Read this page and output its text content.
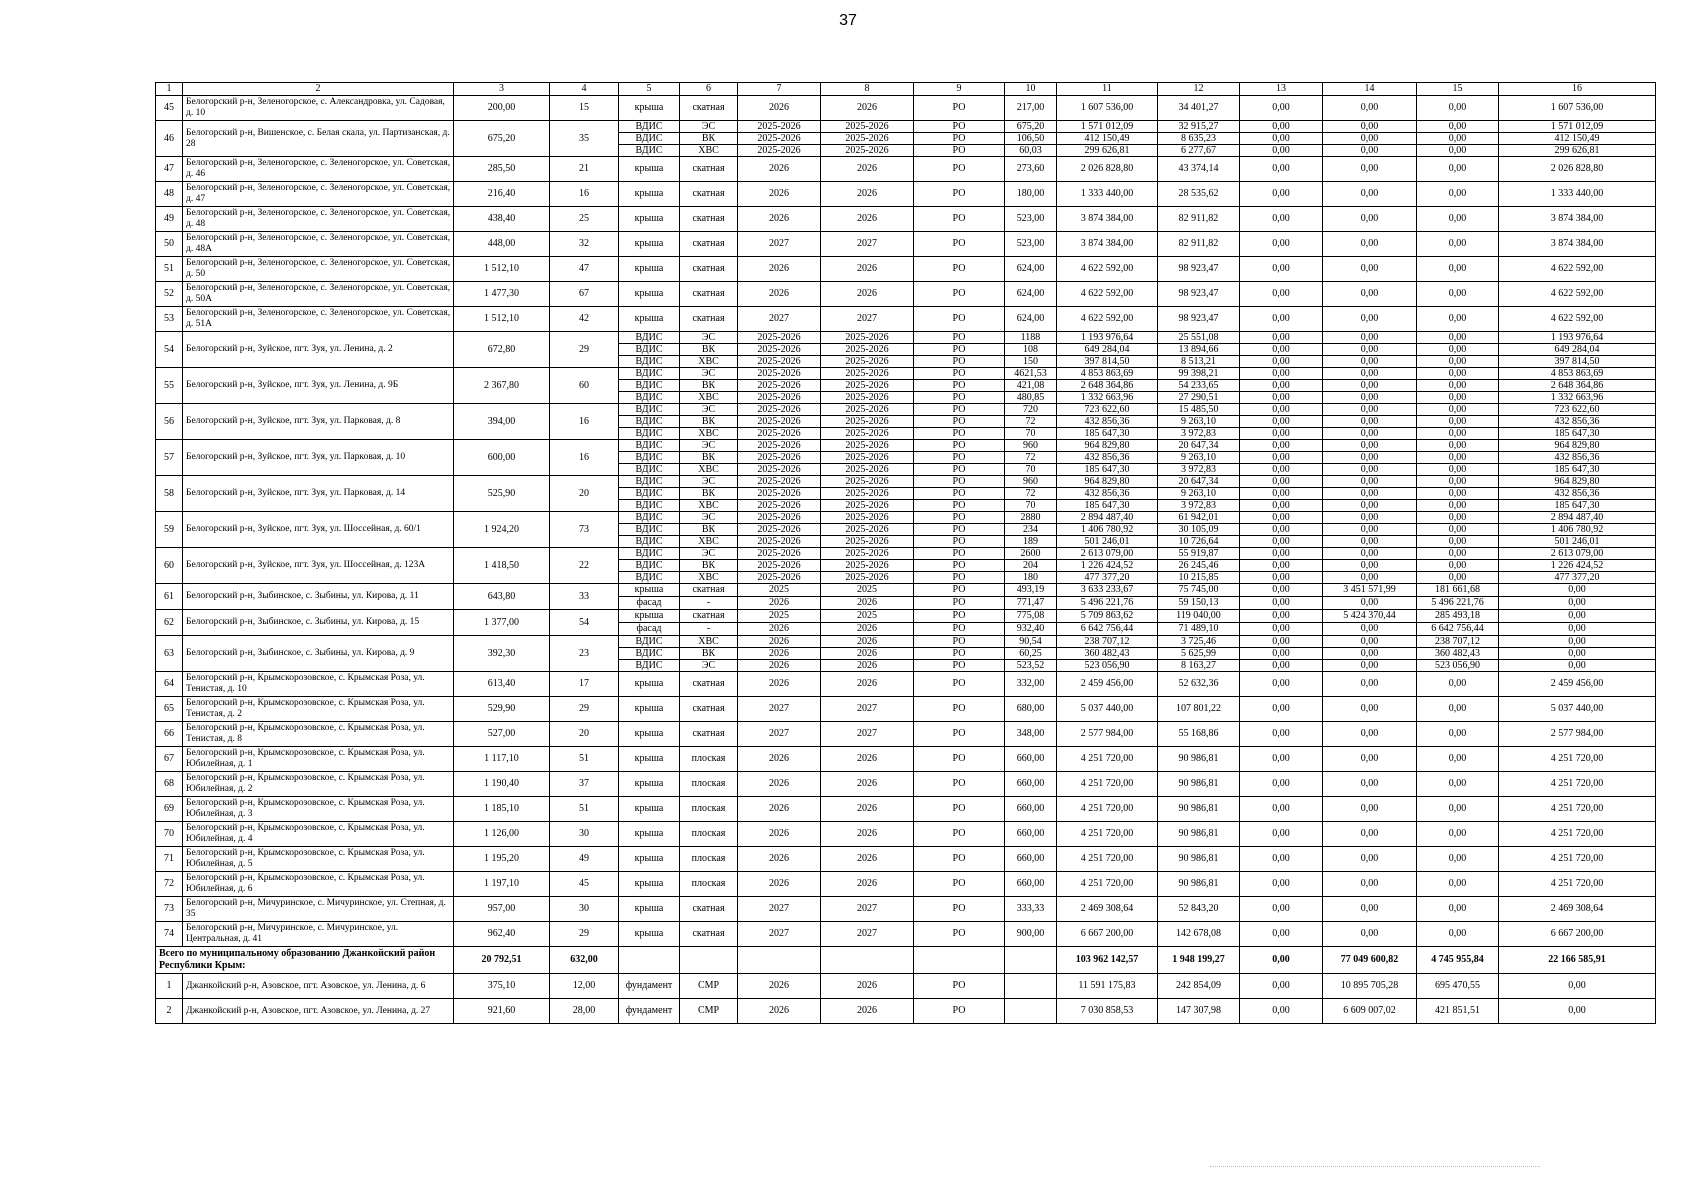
37
1	2	3	4	5	6	7	8	9	10	11	12	13	14	15	16
45	Белогорский р-н, Зеленогорское, с. Александровка, ул. Садовая, д. 10	200,00	15	крыша	скатная	2026	2026	РО	217,00	1 607 536,00	34 401,27	0,00	0,00	0,00	1 607 536,00
46	Белогорский р-н, Вишенское, с. Белая скала, ул. Партизанская, д. 28	675,20	35	ВДИС	ЭС	2025-2026	2025-2026	РО	675,20	1 571 012,09	32 915,27	0,00	0,00	0,00	1 571 012,09
				ВДИС	ВК	2025-2026	2025-2026	РО	106,50	412 150,49	8 635,23	0,00	0,00	0,00	412 150,49
				ВДИС	ХВС	2025-2026	2025-2026	РО	60,03	299 626,81	6 277,67	0,00	0,00	0,00	299 626,81
47	Белогорский р-н, Зеленогорское, с. Зеленогорское, ул. Советская, д. 46	285,50	21	крыша	скатная	2026	2026	РО	273,60	2 026 828,80	43 374,14	0,00	0,00	0,00	2 026 828,80
48	Белогорский р-н, Зеленогорское, с. Зеленогорское, ул. Советская, д. 47	216,40	16	крыша	скатная	2026	2026	РО	180,00	1 333 440,00	28 535,62	0,00	0,00	0,00	1 333 440,00
49	Белогорский р-н, Зеленогорское, с. Зеленогорское, ул. Советская, д. 48	438,40	25	крыша	скатная	2026	2026	РО	523,00	3 874 384,00	82 911,82	0,00	0,00	0,00	3 874 384,00
50	Белогорский р-н, Зеленогорское, с. Зеленогорское, ул. Советская, д. 48А	448,00	32	крыша	скатная	2027	2027	РО	523,00	3 874 384,00	82 911,82	0,00	0,00	0,00	3 874 384,00
51	Белогорский р-н, Зеленогорское, с. Зеленогорское, ул. Советская, д. 50	1 512,10	47	крыша	скатная	2026	2026	РО	624,00	4 622 592,00	98 923,47	0,00	0,00	0,00	4 622 592,00
52	Белогорский р-н, Зеленогорское, с. Зеленогорское, ул. Советская, д. 50А	1 477,30	67	крыша	скатная	2026	2026	РО	624,00	4 622 592,00	98 923,47	0,00	0,00	0,00	4 622 592,00
53	Белогорский р-н, Зеленогорское, с. Зеленогорское, ул. Советская, д. 51А	1 512,10	42	крыша	скатная	2027	2027	РО	624,00	4 622 592,00	98 923,47	0,00	0,00	0,00	4 622 592,00
54	Белогорский р-н, Зуйское, пгт. Зуя, ул. Ленина, д. 2	672,80	29	ВДИС	ЭС	2025-2026	2025-2026	РО	1188	1 193 976,64	25 551,08	0,00	0,00	0,00	1 193 976,64
				ВДИС	ВК	2025-2026	2025-2026	РО	108	649 284,04	13 894,66	0,00	0,00	0,00	649 284,04
				ВДИС	ХВС	2025-2026	2025-2026	РО	150	397 814,50	8 513,21	0,00	0,00	0,00	397 814,50
55	Белогорский р-н, Зуйское, пгт. Зуя, ул. Ленина, д. 9Б	2 367,80	60	ВДИС	ЭС	2025-2026	2025-2026	РО	4621,53	4 853 863,69	99 398,21	0,00	0,00	0,00	4 853 863,69
				ВДИС	ВК	2025-2026	2025-2026	РО	421,08	2 648 364,86	54 233,65	0,00	0,00	0,00	2 648 364,86
				ВДИС	ХВС	2025-2026	2025-2026	РО	480,85	1 332 663,96	27 290,51	0,00	0,00	0,00	1 332 663,96
56	Белогорский р-н, Зуйское, пгт. Зуя, ул. Парковая, д. 8	394,00	16	ВДИС	ЭС	2025-2026	2025-2026	РО	720	723 622,60	15 485,50	0,00	0,00	0,00	723 622,60
				ВДИС	ВК	2025-2026	2025-2026	РО	72	432 856,36	9 263,10	0,00	0,00	0,00	432 856,36
				ВДИС	ХВС	2025-2026	2025-2026	РО	70	185 647,30	3 972,83	0,00	0,00	0,00	185 647,30
57	Белогорский р-н, Зуйское, пгт. Зуя, ул. Парковая, д. 10	600,00	16	ВДИС	ЭС	2025-2026	2025-2026	РО	960	964 829,80	20 647,34	0,00	0,00	0,00	964 829,80
				ВДИС	ВК	2025-2026	2025-2026	РО	72	432 856,36	9 263,10	0,00	0,00	0,00	432 856,36
				ВДИС	ХВС	2025-2026	2025-2026	РО	70	185 647,30	3 972,83	0,00	0,00	0,00	185 647,30
58	Белогорский р-н, Зуйское, пгт. Зуя, ул. Парковая, д. 14	525,90	20	ВДИС	ЭС	2025-2026	2025-2026	РО	960	964 829,80	20 647,34	0,00	0,00	0,00	964 829,80
				ВДИС	ВК	2025-2026	2025-2026	РО	72	432 856,36	9 263,10	0,00	0,00	0,00	432 856,36
				ВДИС	ХВС	2025-2026	2025-2026	РО	70	185 647,30	3 972,83	0,00	0,00	0,00	185 647,30
59	Белогорский р-н, Зуйское, пгт. Зуя, ул. Шоссейная, д. 60/1	1 924,20	73	ВДИС	ЭС	2025-2026	2025-2026	РО	2880	2 894 487,40	61 942,01	0,00	0,00	0,00	2 894 487,40
				ВДИС	ВК	2025-2026	2025-2026	РО	234	1 406 780,92	30 105,09	0,00	0,00	0,00	1 406 780,92
				ВДИС	ХВС	2025-2026	2025-2026	РО	189	501 246,01	10 726,64	0,00	0,00	0,00	501 246,01
60	Белогорский р-н, Зуйское, пгт. Зуя, ул. Шоссейная, д. 123А	1 418,50	22	ВДИС	ЭС	2025-2026	2025-2026	РО	2600	2 613 079,00	55 919,87	0,00	0,00	0,00	2 613 079,00
				ВДИС	ВК	2025-2026	2025-2026	РО	204	1 226 424,52	26 245,46	0,00	0,00	0,00	1 226 424,52
				ВДИС	ХВС	2025-2026	2025-2026	РО	180	477 377,20	10 215,85	0,00	0,00	0,00	477 377,20
61	Белогорский р-н, Зыбинское, с. Зыбины, ул. Кирова, д. 11	643,80	33	крыша	скатная	2025	2025	РО	493,19	3 633 233,67	75 745,00	0,00	3 451 571,99	181 661,68	0,00
				фасад	-	2026	2026	РО	771,47	5 496 221,76	59 150,13	0,00	0,00	5 496 221,76	0,00
62	Белогорский р-н, Зыбинское, с. Зыбины, ул. Кирова, д. 15	1 377,00	54	крыша	скатная	2025	2025	РО	775,08	5 709 863,62	119 040,00	0,00	5 424 370,44	285 493,18	0,00
				фасад	-	2026	2026	РО	932,40	6 642 756,44	71 489,10	0,00	0,00	6 642 756,44	0,00
63	Белогорский р-н, Зыбинское, с. Зыбины, ул. Кирова, д. 9	392,30	23	ВДИС	ХВС	2026	2026	РО	90,54	238 707,12	3 725,46	0,00	0,00	238 707,12	0,00
				ВДИС	ВК	2026	2026	РО	60,25	360 482,43	5 625,99	0,00	0,00	360 482,43	0,00
				ВДИС	ЭС	2026	2026	РО	523,52	523 056,90	8 163,27	0,00	0,00	523 056,90	0,00
64	Белогорский р-н, Крымскорозовское, с. Крымская Роза, ул. Тенистая, д. 10	613,40	17	крыша	скатная	2026	2026	РО	332,00	2 459 456,00	52 632,36	0,00	0,00	0,00	2 459 456,00
65	Белогорский р-н, Крымскорозовское, с. Крымская Роза, ул. Тенистая, д. 2	529,90	29	крыша	скатная	2027	2027	РО	680,00	5 037 440,00	107 801,22	0,00	0,00	0,00	5 037 440,00
66	Белогорский р-н, Крымскорозовское, с. Крымская Роза, ул. Тенистая, д. 8	527,00	20	крыша	скатная	2027	2027	РО	348,00	2 577 984,00	55 168,86	0,00	0,00	0,00	2 577 984,00
67	Белогорский р-н, Крымскорозовское, с. Крымская Роза, ул. Юбилейная, д. 1	1 117,10	51	крыша	плоская	2026	2026	РО	660,00	4 251 720,00	90 986,81	0,00	0,00	0,00	4 251 720,00
68	Белогорский р-н, Крымскорозовское, с. Крымская Роза, ул. Юбилейная, д. 2	1 190,40	37	крыша	плоская	2026	2026	РО	660,00	4 251 720,00	90 986,81	0,00	0,00	0,00	4 251 720,00
69	Белогорский р-н, Крымскорозовское, с. Крымская Роза, ул. Юбилейная, д. 3	1 185,10	51	крыша	плоская	2026	2026	РО	660,00	4 251 720,00	90 986,81	0,00	0,00	0,00	4 251 720,00
70	Белогорский р-н, Крымскорозовское, с. Крымская Роза, ул. Юбилейная, д. 4	1 126,00	30	крыша	плоская	2026	2026	РО	660,00	4 251 720,00	90 986,81	0,00	0,00	0,00	4 251 720,00
71	Белогорский р-н, Крымскорозовское, с. Крымская Роза, ул. Юбилейная, д. 5	1 195,20	49	крыша	плоская	2026	2026	РО	660,00	4 251 720,00	90 986,81	0,00	0,00	0,00	4 251 720,00
72	Белогорский р-н, Крымскорозовское, с. Крымская Роза, ул. Юбилейная, д. 6	1 197,10	45	крыша	плоская	2026	2026	РО	660,00	4 251 720,00	90 986,81	0,00	0,00	0,00	4 251 720,00
73	Белогорский р-н, Мичуринское, с. Мичуринское, ул. Степная, д. 35	957,00	30	крыша	скатная	2027	2027	РО	333,33	2 469 308,64	52 843,20	0,00	0,00	0,00	2 469 308,64
74	Белогорский р-н, Мичуринское, с. Мичуринское, ул. Центральная, д. 41	962,40	29	крыша	скатная	2027	2027	РО	900,00	6 667 200,00	142 678,08	0,00	0,00	0,00	6 667 200,00
Всего по муниципальному образованию Джанкойский район Республики Крым:		20 792,51	632,00							103 962 142,57	1 948 199,27	0,00	77 049 600,82	4 745 955,84	22 166 585,91
1	Джанкойский р-н, Азовское, пгт. Азовское, ул. Ленина, д. 6	375,10	12,00	фундамент	СМР	2026	2026	РО		11 591 175,83	242 854,09	0,00	10 895 705,28	695 470,55	0,00
2	Джанкойский р-н, Азовское, пгт. Азовское, ул. Ленина, д. 27	921,60	28,00	фундамент	СМР	2026	2026	РО		7 030 858,53	147 307,98	0,00	6 609 007,02	421 851,51	0,00
